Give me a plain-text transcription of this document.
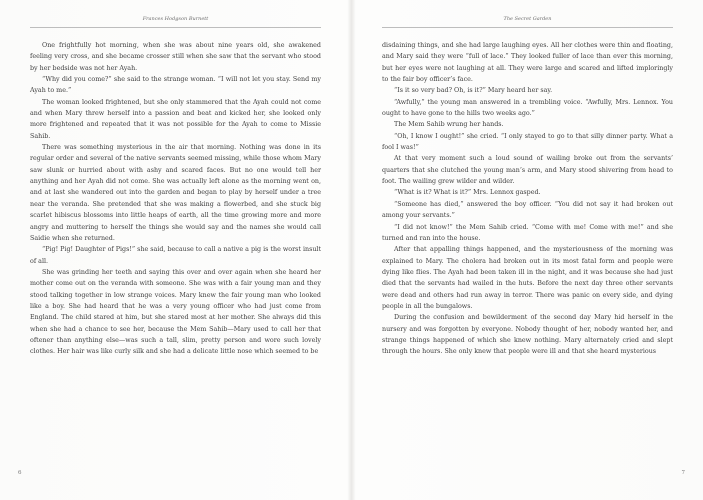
Frances Hodgson Burnett

One frightfully hot morning, when she was about nine years old, she awakened feeling very cross, and she became crosser still when she saw that the servant who stood by her bedside was not her Ayah.

“Why did you come?” she said to the strange woman. “I will not let you stay. Send my Ayah to me.”

The woman looked frightened, but she only stammered that the Ayah could not come and when Mary threw herself into a passion and beat and kicked her, she looked only more frightened and repeated that it was not possible for the Ayah to come to Missie Sahib.

There was something mysterious in the air that morning. Nothing was done in its regular order and several of the native servants seemed missing, while those whom Mary saw slunk or hurried about with ashy and scared faces. But no one would tell her anything and her Ayah did not come. She was actually left alone as the morning went on, and at last she wandered out into the garden and began to play by herself under a tree near the veranda. She pretended that she was making a flowerbed, and she stuck big scarlet hibiscus blossoms into little heaps of earth, all the time growing more and more angry and muttering to herself the things she would say and the names she would call Saidie when she returned.

“Pig! Pig! Daughter of Pigs!” she said, because to call a native a pig is the worst insult of all.

She was grinding her teeth and saying this over and over again when she heard her mother come out on the veranda with someone. She was with a fair young man and they stood talking together in low strange voices. Mary knew the fair young man who looked like a boy. She had heard that he was a very young officer who had just come from England. The child stared at him, but she stared most at her mother. She always did this when she had a chance to see her, because the Mem Sahib—Mary used to call her that oftener than anything else—was such a tall, slim, pretty person and wore such lovely clothes. Her hair was like curly silk and she had a delicate little nose which seemed to be

6
The Secret Garden

disdaining things, and she had large laughing eyes. All her clothes were thin and floating, and Mary said they were “full of lace.” They looked fuller of lace than ever this morning, but her eyes were not laughing at all. They were large and scared and lifted imploringly to the fair boy officer’s face.

“Is it so very bad? Oh, is it?” Mary heard her say.

“Awfully,” the young man answered in a trembling voice. “Awfully, Mrs. Lennox. You ought to have gone to the hills two weeks ago.”

The Mem Sahib wrung her hands.

“Oh, I know I ought!” she cried. “I only stayed to go to that silly dinner party. What a fool I was!”

At that very moment such a loud sound of wailing broke out from the servants’ quarters that she clutched the young man’s arm, and Mary stood shivering from head to foot. The wailing grew wilder and wilder.

“What is it? What is it?” Mrs. Lennox gasped.

“Someone has died,” answered the boy officer. “You did not say it had broken out among your servants.”

“I did not know!” the Mem Sahib cried. “Come with me! Come with me!” and she turned and ran into the house.

After that appalling things happened, and the mysteriousness of the morning was explained to Mary. The cholera had broken out in its most fatal form and people were dying like flies. The Ayah had been taken ill in the night, and it was because she had just died that the servants had wailed in the huts. Before the next day three other servants were dead and others had run away in terror. There was panic on every side, and dying people in all the bungalows.

During the confusion and bewilderment of the second day Mary hid herself in the nursery and was forgotten by everyone. Nobody thought of her, nobody wanted her, and strange things happened of which she knew nothing. Mary alternately cried and slept through the hours. She only knew that people were ill and that she heard mysterious

7
